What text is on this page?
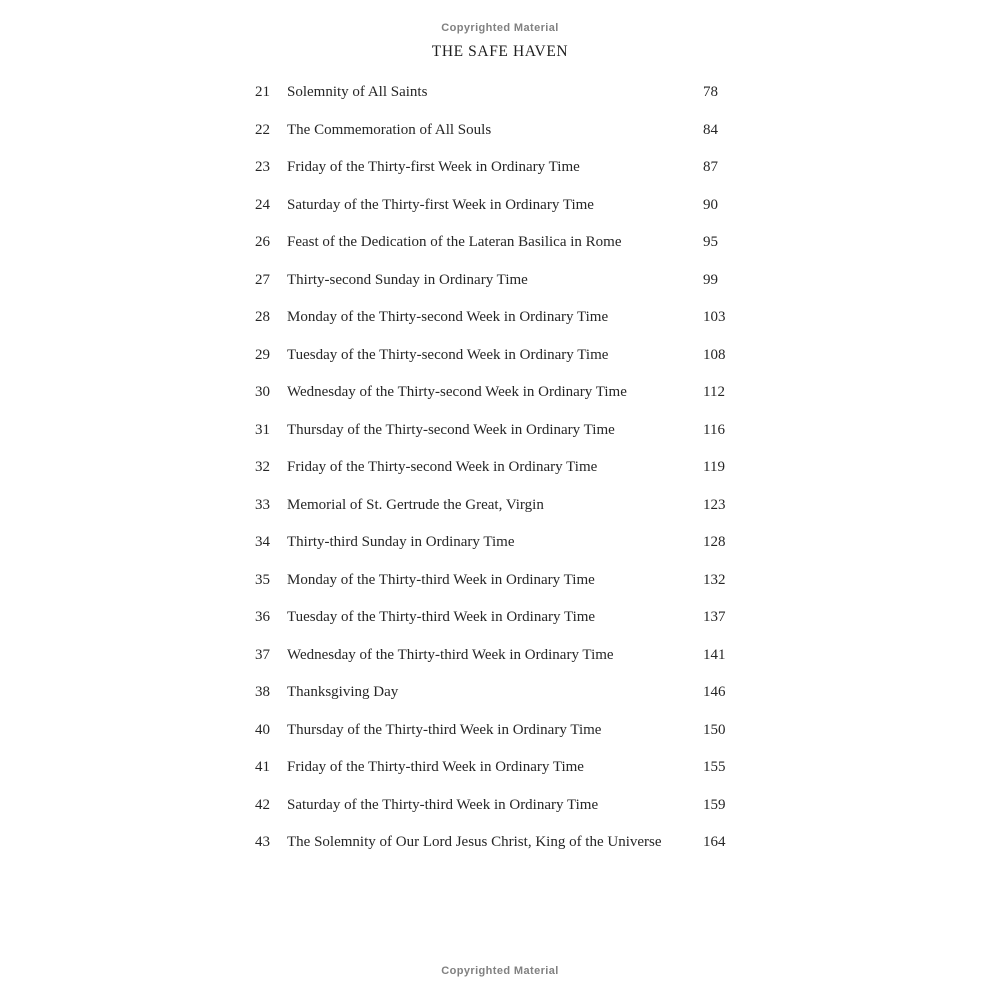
Copyrighted Material
THE SAFE HAVEN
21	Solemnity of All Saints	78
22	The Commemoration of All Souls	84
23	Friday of the Thirty-first Week in Ordinary Time	87
24	Saturday of the Thirty-first Week in Ordinary Time	90
26	Feast of the Dedication of the Lateran Basilica in Rome	95
27	Thirty-second Sunday in Ordinary Time	99
28	Monday of the Thirty-second Week in Ordinary Time	103
29	Tuesday of the Thirty-second Week in Ordinary Time	108
30	Wednesday of the Thirty-second Week in Ordinary Time	112
31	Thursday of the Thirty-second Week in Ordinary Time	116
32	Friday of the Thirty-second Week in Ordinary Time	119
33	Memorial of St. Gertrude the Great, Virgin	123
34	Thirty-third Sunday in Ordinary Time	128
35	Monday of the Thirty-third Week in Ordinary Time	132
36	Tuesday of the Thirty-third Week in Ordinary Time	137
37	Wednesday of the Thirty-third Week in Ordinary Time	141
38	Thanksgiving Day	146
40	Thursday of the Thirty-third Week in Ordinary Time	150
41	Friday of the Thirty-third Week in Ordinary Time	155
42	Saturday of the Thirty-third Week in Ordinary Time	159
43	The Solemnity of Our Lord Jesus Christ, King of the Universe	164
Copyrighted Material
